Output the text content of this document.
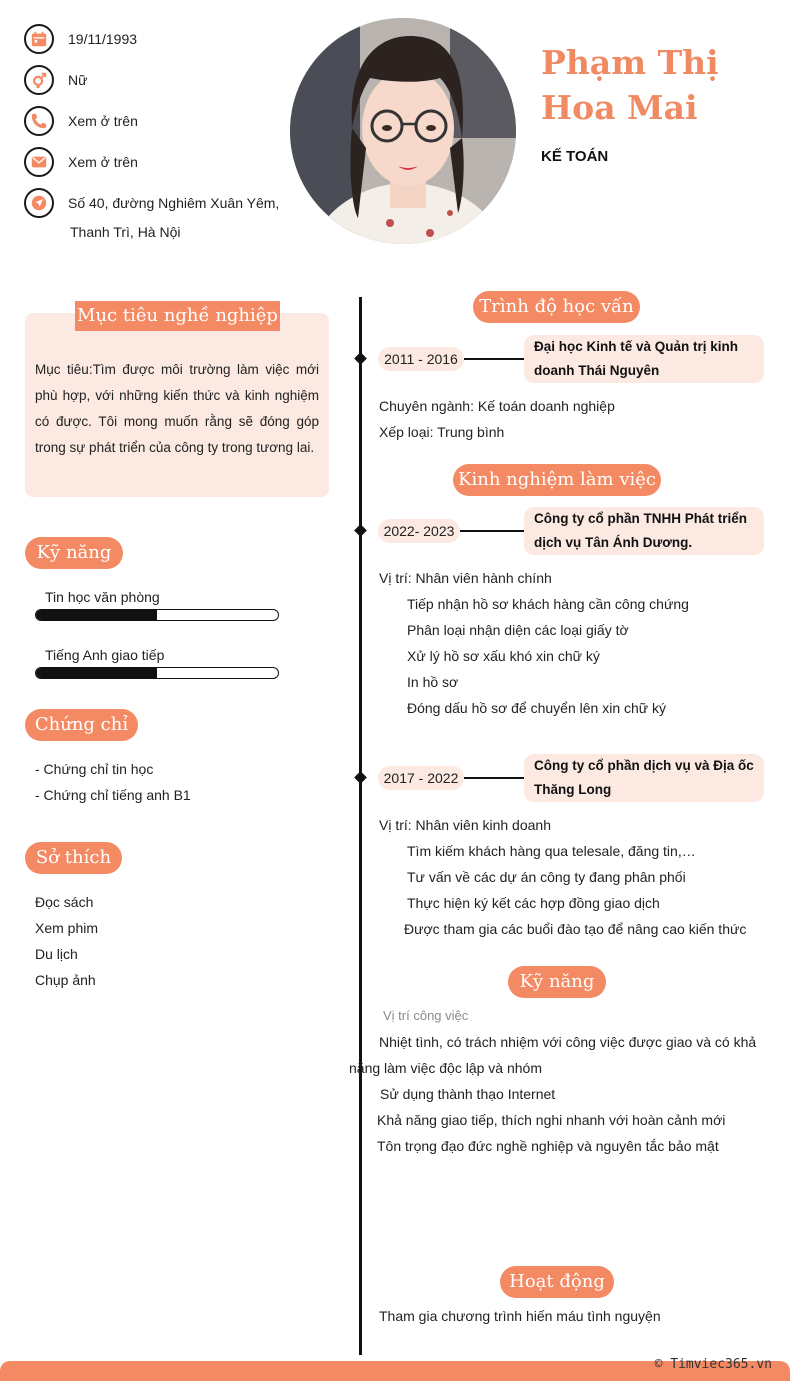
19/11/1993
Nữ
Xem ở trên
Xem ở trên
Số 40, đường Nghiêm Xuân Yêm,
Thanh Trì, Hà Nội
Phạm Thị Hoa Mai
KẾ TOÁN
Mục tiêu nghề nghiệp
Mục tiêu:Tìm được môi trường làm việc mới phù hợp, với những kiến thức và kinh nghiệm có được. Tôi mong muốn rằng sẽ đóng góp trong sự phát triển của công ty trong tương lai.
Kỹ năng
Tin học văn phòng
Tiếng Anh giao tiếp
Chứng chỉ
- Chứng chỉ tin học
- Chứng chỉ tiếng anh B1
Sở thích
Đọc sách
Xem phim
Du lịch
Chụp ảnh
Trình độ học vấn
2011 - 2016
Đại học Kinh tế và Quản trị kinh doanh Thái Nguyên
Chuyên ngành: Kế toán doanh nghiệp
Xếp loại: Trung bình
Kinh nghiệm làm việc
2022- 2023
Công ty cổ phần TNHH Phát triển dịch vụ Tân Ánh Dương.
Vị trí: Nhân viên hành chính
Tiếp nhận hồ sơ khách hàng cần công chứng
Phân loại nhận diện các loại giấy tờ
Xử lý hồ sơ xấu khó xin chữ ký
In hồ sơ
Đóng dấu hồ sơ để chuyển lên xin chữ ký
2017 - 2022
Công ty cổ phần dịch vụ và Địa ốc Thăng Long
Vị trí: Nhân viên kinh doanh
Tìm kiếm khách hàng qua telesale, đăng tin,…
Tư vấn về các dự án công ty đang phân phối
Thực hiện ký kết các hợp đồng giao dịch
Được tham gia các buổi đào tạo để nâng cao kiến thức
Kỹ năng
Vị trí công việc
Nhiệt tình, có trách nhiệm với công việc được giao và có khả
năng làm việc độc lập và nhóm
Sử dụng thành thạo Internet
Khả năng giao tiếp, thích nghi nhanh với hoàn cảnh mới
Tôn trọng đạo đức nghề nghiệp và nguyên tắc bảo mật
Hoạt động
Tham gia chương trình hiến máu tình nguyện
© Timviec365.vn
